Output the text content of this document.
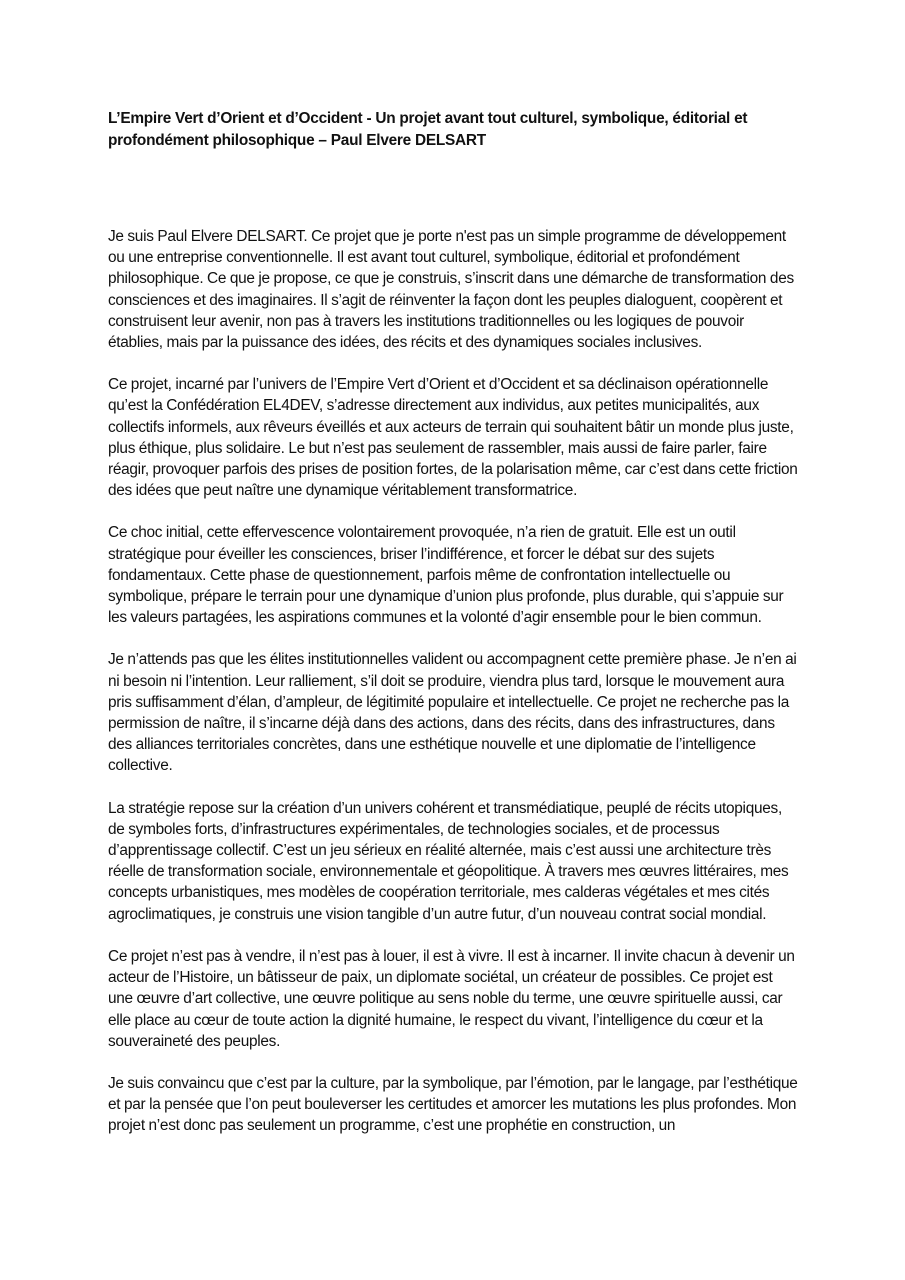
L’Empire Vert d’Orient et d’Occident - Un projet avant tout culturel, symbolique, éditorial et profondément philosophique – Paul Elvere DELSART

Je suis Paul Elvere DELSART. Ce projet que je porte n'est pas un simple programme de développement ou une entreprise conventionnelle. Il est avant tout culturel, symbolique, éditorial et profondément philosophique. Ce que je propose, ce que je construis, s’inscrit dans une démarche de transformation des consciences et des imaginaires. Il s’agit de réinventer la façon dont les peuples dialoguent, coopèrent et construisent leur avenir, non pas à travers les institutions traditionnelles ou les logiques de pouvoir établies, mais par la puissance des idées, des récits et des dynamiques sociales inclusives.

Ce projet, incarné par l’univers de l’Empire Vert d’Orient et d’Occident et sa déclinaison opérationnelle qu’est la Confédération EL4DEV, s’adresse directement aux individus, aux petites municipalités, aux collectifs informels, aux rêveurs éveillés et aux acteurs de terrain qui souhaitent bâtir un monde plus juste, plus éthique, plus solidaire. Le but n’est pas seulement de rassembler, mais aussi de faire parler, faire réagir, provoquer parfois des prises de position fortes, de la polarisation même, car c’est dans cette friction des idées que peut naître une dynamique véritablement transformatrice.

Ce choc initial, cette effervescence volontairement provoquée, n’a rien de gratuit. Elle est un outil stratégique pour éveiller les consciences, briser l’indifférence, et forcer le débat sur des sujets fondamentaux. Cette phase de questionnement, parfois même de confrontation intellectuelle ou symbolique, prépare le terrain pour une dynamique d’union plus profonde, plus durable, qui s’appuie sur les valeurs partagées, les aspirations communes et la volonté d’agir ensemble pour le bien commun.

Je n’attends pas que les élites institutionnelles valident ou accompagnent cette première phase. Je n’en ai ni besoin ni l’intention. Leur ralliement, s’il doit se produire, viendra plus tard, lorsque le mouvement aura pris suffisamment d’élan, d’ampleur, de légitimité populaire et intellectuelle. Ce projet ne recherche pas la permission de naître, il s’incarne déjà dans des actions, dans des récits, dans des infrastructures, dans des alliances territoriales concrètes, dans une esthétique nouvelle et une diplomatie de l’intelligence collective.

La stratégie repose sur la création d’un univers cohérent et transmédiatique, peuplé de récits utopiques, de symboles forts, d’infrastructures expérimentales, de technologies sociales, et de processus d’apprentissage collectif. C’est un jeu sérieux en réalité alternée, mais c’est aussi une architecture très réelle de transformation sociale, environnementale et géopolitique. À travers mes œuvres littéraires, mes concepts urbanistiques, mes modèles de coopération territoriale, mes calderas végétales et mes cités agroclimatiques, je construis une vision tangible d’un autre futur, d’un nouveau contrat social mondial.

Ce projet n’est pas à vendre, il n’est pas à louer, il est à vivre. Il est à incarner. Il invite chacun à devenir un acteur de l’Histoire, un bâtisseur de paix, un diplomate sociétal, un créateur de possibles. Ce projet est une œuvre d’art collective, une œuvre politique au sens noble du terme, une œuvre spirituelle aussi, car elle place au cœur de toute action la dignité humaine, le respect du vivant, l’intelligence du cœur et la souveraineté des peuples.

Je suis convaincu que c’est par la culture, par la symbolique, par l’émotion, par le langage, par l’esthétique et par la pensée que l’on peut bouleverser les certitudes et amorcer les mutations les plus profondes. Mon projet n’est donc pas seulement un programme, c’est une prophétie en construction, un
